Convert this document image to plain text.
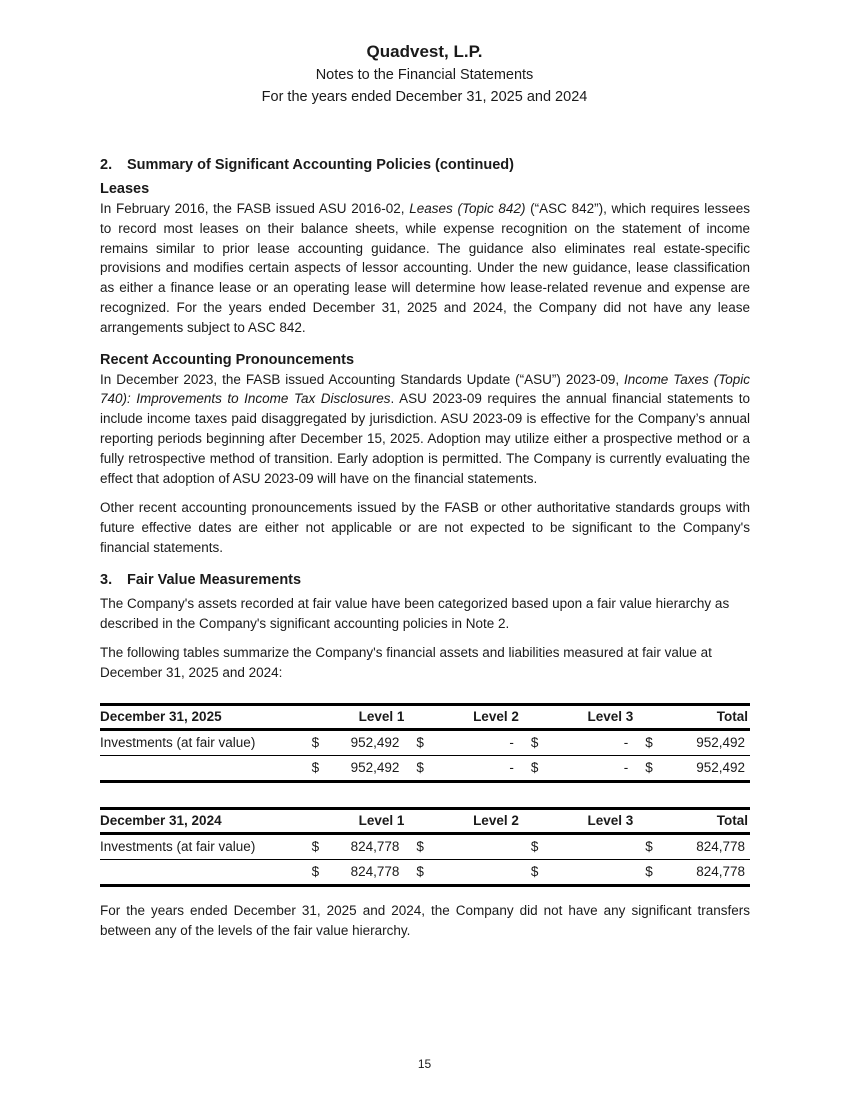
Quadvest, L.P.
Notes to the Financial Statements
For the years ended December 31, 2025 and 2024
2. Summary of Significant Accounting Policies (continued)
Leases

In February 2016, the FASB issued ASU 2016-02, Leases (Topic 842) (“ASC 842”), which requires lessees to record most leases on their balance sheets, while expense recognition on the statement of income remains similar to prior lease accounting guidance. The guidance also eliminates real estate-specific provisions and modifies certain aspects of lessor accounting. Under the new guidance, lease classification as either a finance lease or an operating lease will determine how lease-related revenue and expense are recognized. For the years ended December 31, 2025 and 2024, the Company did not have any lease arrangements subject to ASC 842.

Recent Accounting Pronouncements

In December 2023, the FASB issued Accounting Standards Update (“ASU”) 2023-09, Income Taxes (Topic 740): Improvements to Income Tax Disclosures. ASU 2023-09 requires the annual financial statements to include income taxes paid disaggregated by jurisdiction. ASU 2023-09 is effective for the Company’s annual reporting periods beginning after December 15, 2025. Adoption may utilize either a prospective method or a fully retrospective method of transition. Early adoption is permitted. The Company is currently evaluating the effect that adoption of ASU 2023-09 will have on the financial statements.

Other recent accounting pronouncements issued by the FASB or other authoritative standards groups with future effective dates are either not applicable or are not expected to be significant to the Company's financial statements.

3. Fair Value Measurements

The Company's assets recorded at fair value have been categorized based upon a fair value hierarchy as described in the Company's significant accounting policies in Note 2.

The following tables summarize the Company's financial assets and liabilities measured at fair value at December 31, 2025 and 2024:

December 31, 2025	Level 1	Level 2	Level 3	Total
Investments (at fair value)	$ 952,492	$ -	$ -	$ 952,492

	$ 952,492	$ -	$ -	$ 952,492
December 31, 2024	Level 1	Level 2	Level 3	Total
Investments (at fair value)	$ 824,778	$	$	$ 824,778

	$ 824,778	$	$	$ 824,778

For the years ended December 31, 2025 and 2024, the Company did not have any significant transfers between any of the levels of the fair value hierarchy.

15
